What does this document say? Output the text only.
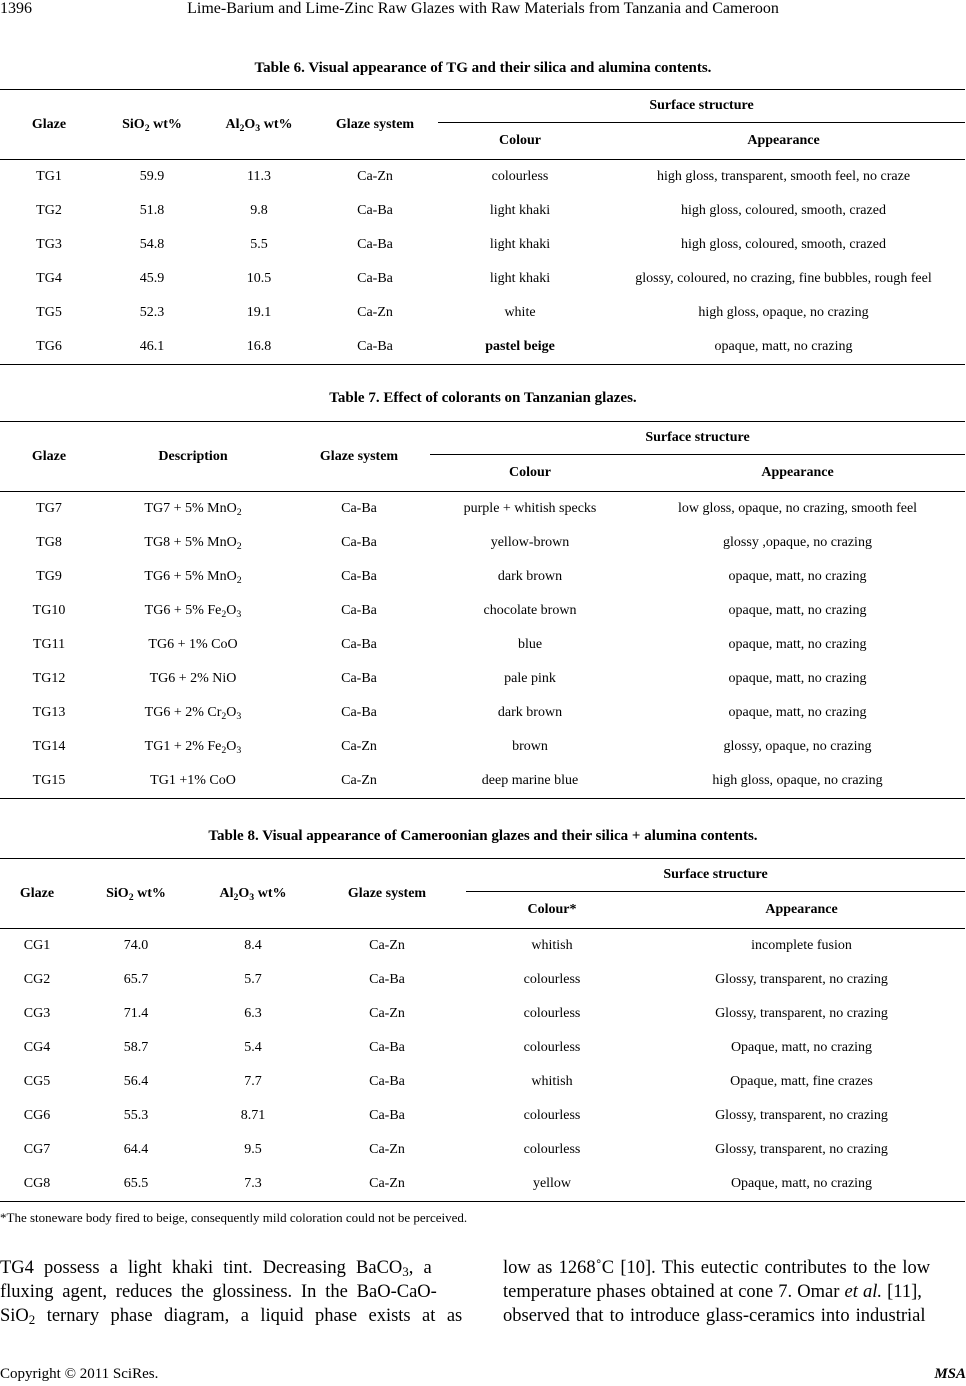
1396	Lime-Barium and Lime-Zinc Raw Glazes with Raw Materials from Tanzania and Cameroon
Table 6. Visual appearance of TG and their silica and alumina contents.
Glaze	SiO$_2$ wt%	$Al_2O_3$ wt%	Glaze system	Surface structure	
				Colour	Appearance
TG1	59.9	11.3	Ca-Zn	colourless	high gloss, transparent, smooth feel, no craze
TG2	51.8	9.8	Ca-Ba	light khaki	high gloss, coloured, smooth, crazed
TG3	54.8	5.5	Ca-Ba	light khaki	high gloss, coloured, smooth, crazed
TG4	45.9	10.5	Ca-Ba	light khaki	glossy, coloured, no crazing, fine bubbles, rough feel
TG5	52.3	19.1	Ca-Zn	white	high gloss, opaque, no crazing
TG6	46.1	16.8	Ca-Ba	pastel beige	opaque, matt, no crazing
Table 7. Effect of colorants on Tanzanian glazes.
Glaze	Description	Glaze system	Surface structure	
			Colour	Appearance
TG7	TG7 + 5% MnO$_2$	Ca-Ba	purple + whitish specks	low gloss, opaque, no crazing, smooth feel
TG8	TG8 + 5% MnO$_2$	Ca-Ba	yellow-brown	glossy ,opaque, no crazing
TG9	TG6 + 5% MnO$_2$	Ca-Ba	dark brown	opaque, matt, no crazing
TG10	TG6 + 5% $Fe_2O_3$	Ca-Ba	chocolate brown	opaque, matt, no crazing
TG11	TG6 + 1% CoO	Ca-Ba	blue	opaque, matt, no crazing
TG12	TG6 + 2% NiO	Ca-Ba	pale pink	opaque, matt, no crazing
TG13	TG6 + 2% $Cr_2O_3$	Ca-Ba	dark brown	opaque, matt, no crazing
TG14	TG1 + 2% $Fe_2O_3$	Ca-Zn	brown	glossy, opaque, no crazing
TG15	TG1 +1% CoO	Ca-Zn	deep marine blue	high gloss, opaque, no crazing
Table 8. Visual appearance of Cameroonian glazes and their silica + alumina contents.
Glaze	SiO$_2$ wt%	$Al_2O_3$ wt%	Glaze system	Surface structure	
				Colour*	Appearance
CG1	74.0	8.4	Ca-Zn	whitish	incomplete fusion
CG2	65.7	5.7	Ca-Ba	colourless	Glossy, transparent, no crazing
CG3	71.4	6.3	Ca-Zn	colourless	Glossy, transparent, no crazing
CG4	58.7	5.4	Ca-Ba	colourless	Opaque, matt, no crazing
CG5	56.4	7.7	Ca-Ba	whitish	Opaque, matt, fine crazes
CG6	55.3	8.71	Ca-Ba	colourless	Glossy, transparent, no crazing
CG7	64.4	9.5	Ca-Zn	colourless	Glossy, transparent, no crazing
CG8	65.5	7.3	Ca-Zn	yellow	Opaque, matt, no crazing
*The stoneware body fired to beige, consequently mild coloration could not be perceived.
TG4 possess a light khaki tint. Decreasing BaCO$_3$, a
fluxing agent, reduces the glossiness. In the BaO-CaO-
SiO$_2$ ternary phase diagram, a liquid phase exists at as
low as 1268˚C [10]. This eutectic contributes to the low
temperature phases obtained at cone 7. Omar et al. [11],
observed that to introduce glass-ceramics into industrial
Copyright © 2011 SciRes.	MSA
